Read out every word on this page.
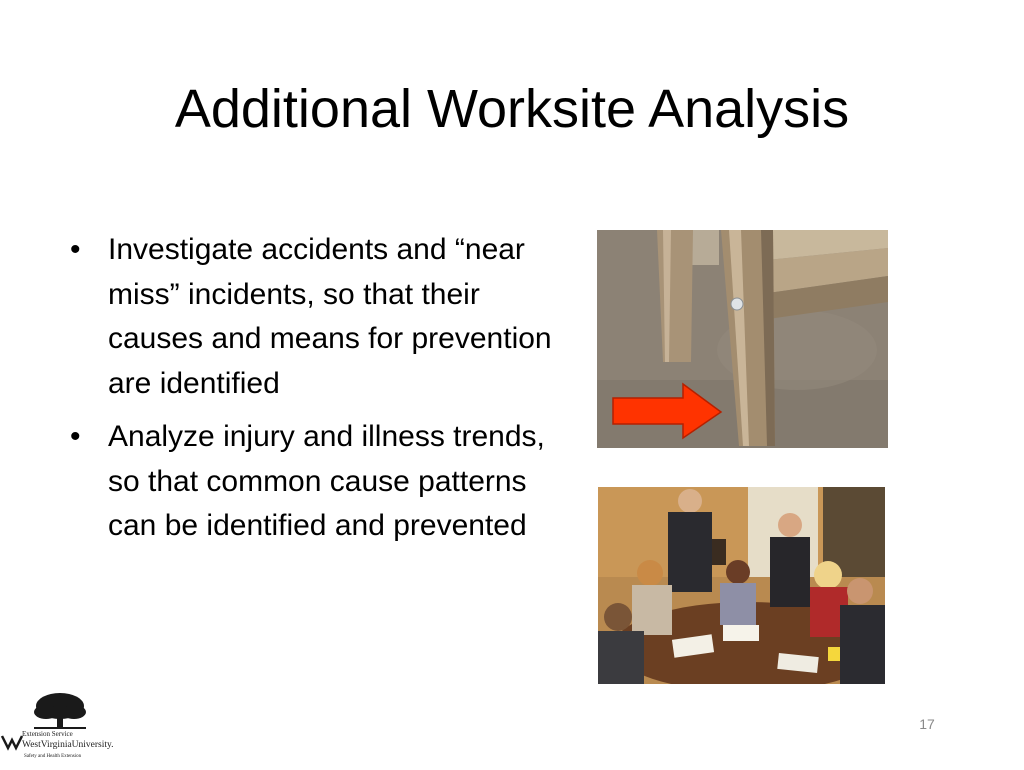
Additional Worksite Analysis
• Investigate accidents and “near miss” incidents, so that their causes and means for prevention are identified
• Analyze injury and illness trends, so that common cause patterns can be identified and prevented
17
Extension Service
WestVirginiaUniversity.
Safety and Health Extension
